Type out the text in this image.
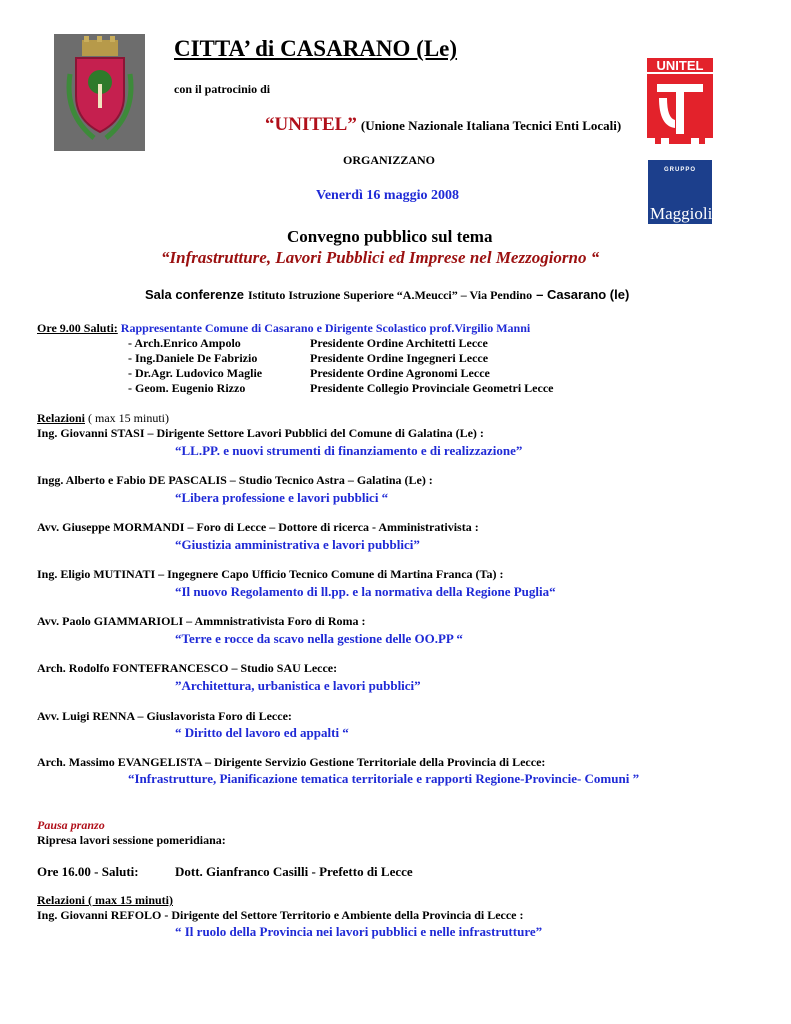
CITTA’ di CASARANO (Le)
con il patrocinio di
“UNITEL” (Unione Nazionale Italiana Tecnici Enti Locali)
ORGANIZZANO
Venerdì 16 maggio 2008
Convegno pubblico sul tema
“Infrastrutture, Lavori Pubblici ed Imprese nel Mezzogiorno “
Sala conferenze Istituto Istruzione Superiore “A.Meucci” – Via Pendino – Casarano (le)
UNITEL
GRUPPO
Maggioli
Ore 9.00 Saluti: Rappresentante Comune di Casarano e Dirigente Scolastico prof.Virgilio Manni
- Arch.Enrico Ampolo	Presidente Ordine Architetti Lecce
- Ing.Daniele De Fabrizio	Presidente Ordine Ingegneri Lecce
- Dr.Agr. Ludovico Maglie	Presidente Ordine Agronomi Lecce
- Geom. Eugenio Rizzo	Presidente Collegio Provinciale Geometri Lecce
Relazioni ( max 15 minuti)
Ing. Giovanni STASI – Dirigente Settore Lavori Pubblici del Comune di Galatina (Le) :
“LL.PP. e nuovi strumenti di finanziamento e di realizzazione”
Ingg. Alberto e Fabio DE PASCALIS – Studio Tecnico Astra – Galatina (Le) :
“Libera professione e lavori pubblici “
Avv. Giuseppe MORMANDI – Foro di Lecce – Dottore di ricerca - Amministrativista :
“Giustizia amministrativa e lavori pubblici”
Ing. Eligio MUTINATI – Ingegnere Capo Ufficio Tecnico Comune di Martina Franca (Ta) :
“Il nuovo Regolamento di ll.pp. e la normativa della Regione Puglia“
Avv. Paolo GIAMMARIOLI – Ammnistrativista Foro di Roma :
“Terre e rocce da scavo nella gestione delle OO.PP “
Arch. Rodolfo FONTEFRANCESCO – Studio SAU Lecce:
”Architettura, urbanistica e lavori pubblici”
Avv. Luigi RENNA – Giuslavorista Foro di Lecce:
“ Diritto del lavoro ed appalti “
Arch. Massimo EVANGELISTA – Dirigente Servizio Gestione Territoriale della Provincia di Lecce:
“Infrastrutture, Pianificazione tematica territoriale e rapporti Regione-Provincie- Comuni ”
Pausa pranzo
Ripresa lavori sessione pomeridiana:
Ore 16.00 - Saluti:	Dott. Gianfranco Casilli - Prefetto di Lecce
Relazioni ( max 15 minuti)
Ing. Giovanni REFOLO - Dirigente del Settore Territorio e Ambiente della Provincia di Lecce :
“ Il ruolo della Provincia nei lavori pubblici e nelle infrastrutture”
